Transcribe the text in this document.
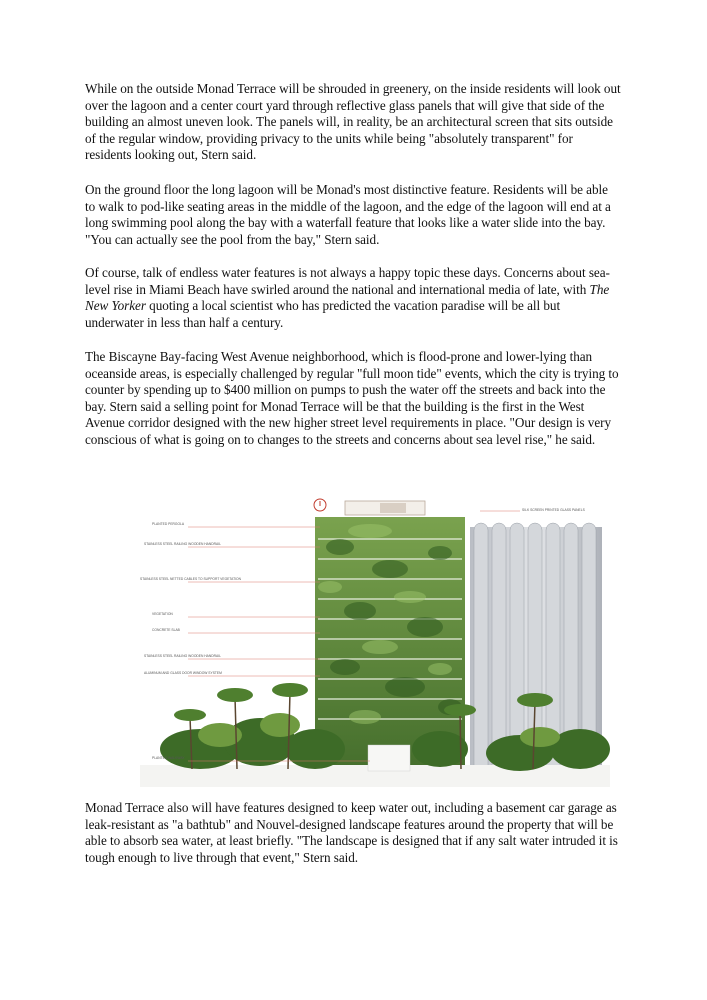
While on the outside Monad Terrace will be shrouded in greenery, on the inside residents will look out over the lagoon and a center court yard through reflective glass panels that will give that side of the building an almost uneven look. The panels will, in reality, be an architectural screen that sits outside of the regular window, providing privacy to the units while being "absolutely transparent" for residents looking out, Stern said.

On the ground floor the long lagoon will be Monad's most distinctive feature. Residents will be able to walk to pod-like seating areas in the middle of the lagoon, and the edge of the lagoon will end at a long swimming pool along the bay with a waterfall feature that looks like a water slide into the bay. "You can actually see the pool from the bay," Stern said.

Of course, talk of endless water features is not always a happy topic these days. Concerns about sea-level rise in Miami Beach have swirled around the national and international media of late, with The New Yorker quoting a local scientist who has predicted the vacation paradise will be all but underwater in less than half a century.

The Biscayne Bay-facing West Avenue neighborhood, which is flood-prone and lower-lying than oceanside areas, is especially challenged by regular "full moon tide" events, which the city is trying to counter by spending up to $400 million on pumps to push the water off the streets and back into the bay. Stern said a selling point for Monad Terrace will be that the building is the first in the West Avenue corridor designed with the new higher street level requirements in place. "Our design is very conscious of what is going on to changes to the streets and concerns about sea level rise," he said.

PLANTED PERGOLA
STAINLESS STEEL RAILING WOODEN HANDRAIL
STAINLESS STEEL NETTED CABLES TO SUPPORT VEGETATION
VEGETATION
CONCRETE SLAB
STAINLESS STEEL RAILING WOODEN HANDRAIL
ALUMINUM AND GLASS DOOR WINDOW SYSTEM
PLANTED WALKWAY
SILK SCREEN PRINTED GLASS PANELS

Monad Terrace also will have features designed to keep water out, including a basement car garage as leak-resistant as "a bathtub" and Nouvel-designed landscape features around the property that will be able to absorb sea water, at least briefly. "The landscape is designed that if any salt water intruded it is tough enough to live through that event," Stern said.
